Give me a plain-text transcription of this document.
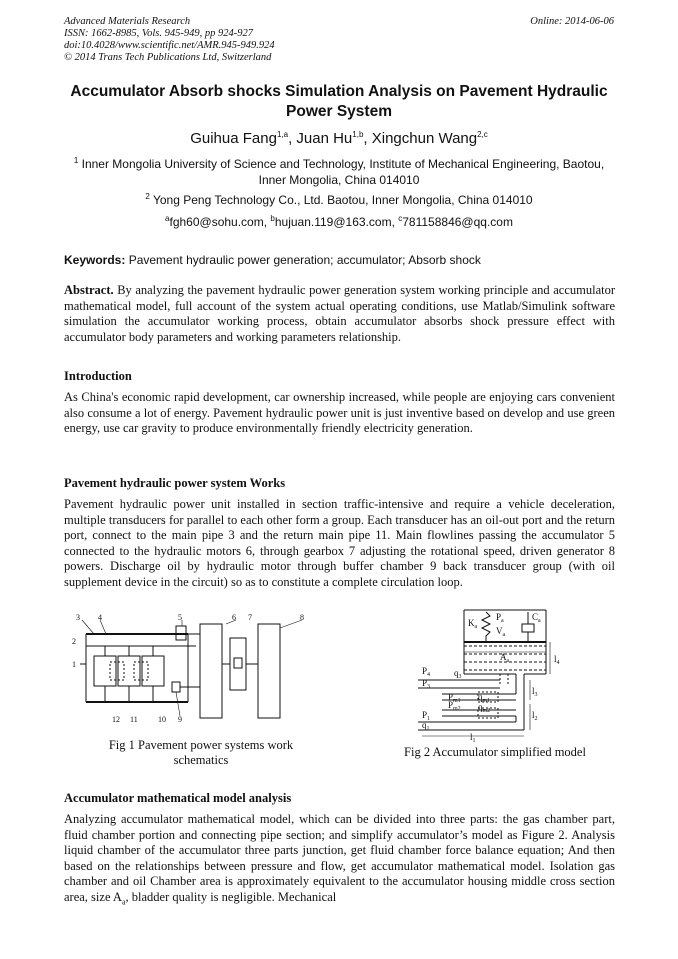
Advanced Materials Research
ISSN: 1662-8985, Vols. 945-949, pp 924-927
doi:10.4028/www.scientific.net/AMR.945-949.924
© 2014 Trans Tech Publications Ltd, Switzerland
Online: 2014-06-06
Accumulator Absorb shocks Simulation Analysis on Pavement Hydraulic Power System
Guihua Fang$^{1,a}$, Juan Hu$^{1,b}$, Xingchun Wang$^{2,c}$
$^1$ Inner Mongolia University of Science and Technology, Institute of Mechanical Engineering, Baotou, Inner Mongolia, China 014010
$^2$ Yong Peng Technology Co., Ltd. Baotou, Inner Mongolia, China 014010
$^a$fgh60@sohu.com, $^b$hujuan.119@163.com, $^c$781158846@qq.com
Keywords: Pavement hydraulic power generation; accumulator; Absorb shock
Abstract. By analyzing the pavement hydraulic power generation system working principle and accumulator mathematical model, full account of the system actual operating conditions, use Matlab/Simulink software simulation the accumulator working process, obtain accumulator absorbs shock pressure effect with accumulator body parameters and working parameters relationship.
Introduction
As China's economic rapid development, car ownership increased, while people are enjoying cars convenient also consume a lot of energy. Pavement hydraulic power unit is just inventive based on develop and use green energy, use car gravity to produce environmentally friendly electricity generation.
Pavement hydraulic power system Works
Pavement hydraulic power unit installed in section traffic-intensive and require a vehicle deceleration, multiple transducers for parallel to each other form a group. Each transducer has an oil-out port and the return port, connect to the main pipe 3 and the return main pipe 11. Main flowlines passing the accumulator 5 connected to the hydraulic motors 6, through gearbox 7 adjusting the rotational speed, driven generator 8 powers. Discharge oil by hydraulic motor through buffer chamber 9 back transducer group (with oil supplement device in the circuit) so as to constitute a complete circulation loop.
3 4	5	6 7	8
2
1
12 11	10 9
Fig 1 Pavement power systems work
schematics
$K_a$
$P_a$
$V_a$
$C_a$
$A_a$	$l_4$
$P_4$
$P_3$
$q_3$
$l_3$
$P_{m1}$ $q_{m1}$
$P_{m2}$ $q_{m2}$
$P_1$
$q_1$
$l_2$
$l_1$
Fig 2 Accumulator simplified model
Accumulator mathematical model analysis
Analyzing accumulator mathematical model, which can be divided into three parts: the gas chamber part, fluid chamber portion and connecting pipe section; and simplify accumulator’s model as Figure 2. Analysis liquid chamber of the accumulator three parts junction, get fluid chamber force balance equation; And then based on the relationships between pressure and flow, get accumulator mathematical model. Isolation gas chamber and oil Chamber area is approximately equivalent to the accumulator housing middle cross section area, size $A_a$, bladder quality is negligible. Mechanical
